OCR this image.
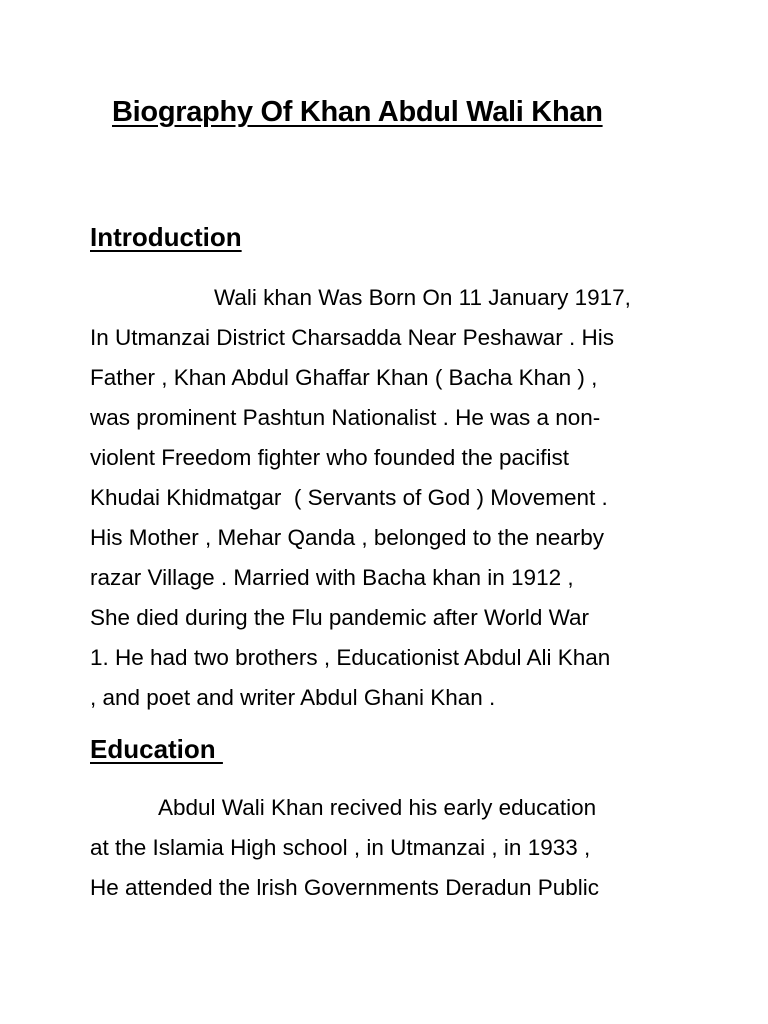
Biography Of Khan Abdul Wali Khan
Introduction
Wali khan Was Born On 11 January 1917,
In Utmanzai District Charsadda Near Peshawar . His
Father , Khan Abdul Ghaffar Khan ( Bacha Khan ) ,
was prominent Pashtun Nationalist . He was a non-
violent Freedom fighter who founded the pacifist
Khudai Khidmatgar  ( Servants of God ) Movement .
His Mother , Mehar Qanda , belonged to the nearby
razar Village . Married with Bacha khan in 1912 ,
She died during the Flu pandemic after World War
1. He had two brothers , Educationist Abdul Ali Khan
, and poet and writer Abdul Ghani Khan .
Education
Abdul Wali Khan recived his early education
at the Islamia High school , in Utmanzai , in 1933 ,
He attended the lrish Governments Deradun Public
